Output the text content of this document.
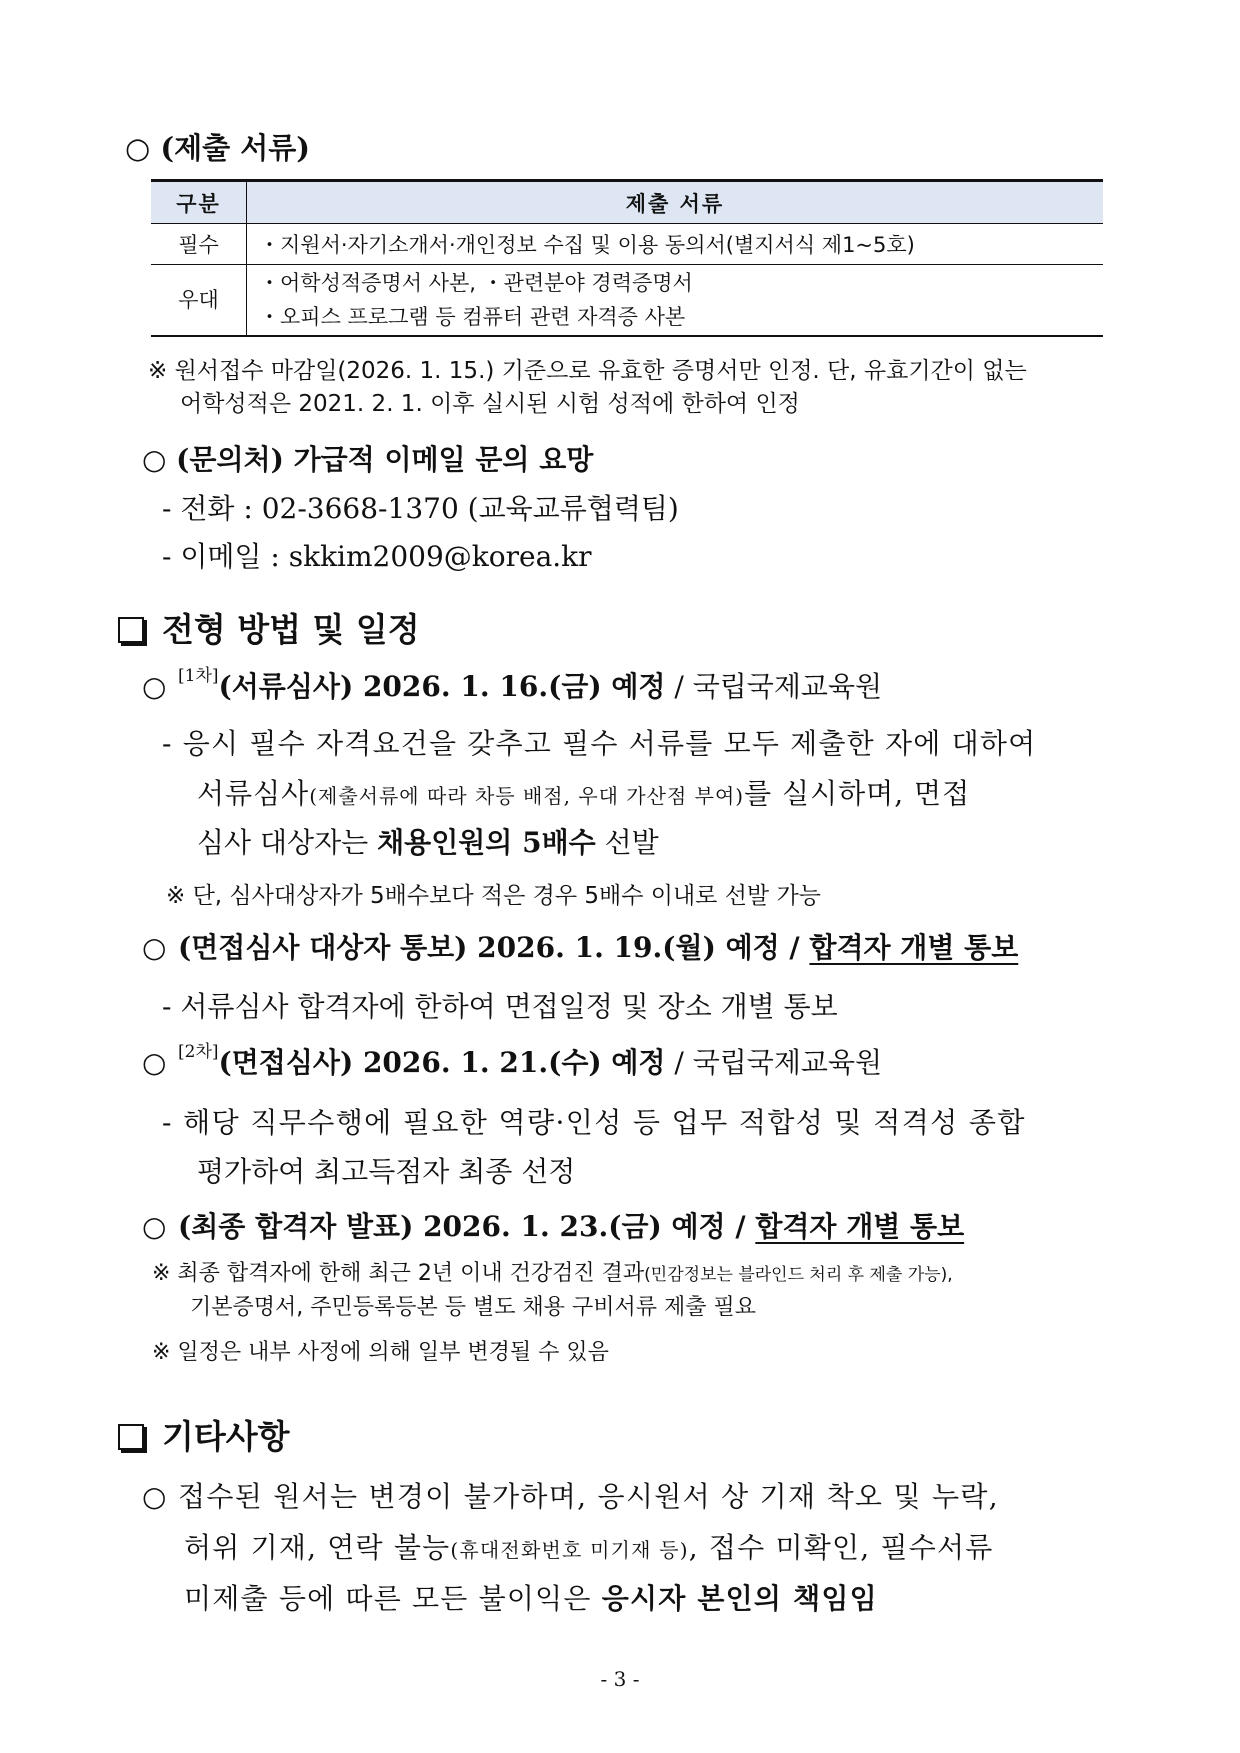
○ (제출 서류)
구분	제출 서류
필수	・지원서·자기소개서·개인정보 수집 및 이용 동의서(별지서식 제1~5호)

우대	・어학성적증명서 사본, ・관련분야 경력증명서
・오피스 프로그램 등 컴퓨터 관련 자격증 사본
※ 원서접수 마감일(2026. 1. 15.) 기준으로 유효한 증명서만 인정. 단, 유효기간이 없는
어학성적은 2021. 2. 1. 이후 실시된 시험 성적에 한하여 인정
○ (문의처) 가급적 이메일 문의 요망
- 전화 : 02-3668-1370 (교육교류협력팀)
- 이메일 : skkim2009@korea.kr
전형 방법 및 일정
○ [1차](서류심사) 2026. 1. 16.(금) 예정 / 국립국제교육원
- 응시 필수 자격요건을 갖추고 필수 서류를 모두 제출한 자에 대하여
서류심사(제출서류에 따라 차등 배점, 우대 가산점 부여)를 실시하며, 면접
심사 대상자는 채용인원의 5배수 선발
※ 단, 심사대상자가 5배수보다 적은 경우 5배수 이내로 선발 가능
○ (면접심사 대상자 통보) 2026. 1. 19.(월) 예정 / 합격자 개별 통보
- 서류심사 합격자에 한하여 면접일정 및 장소 개별 통보
○ [2차](면접심사) 2026. 1. 21.(수) 예정 / 국립국제교육원
- 해당 직무수행에 필요한 역량·인성 등 업무 적합성 및 적격성 종합
평가하여 최고득점자 최종 선정
○ (최종 합격자 발표) 2026. 1. 23.(금) 예정 / 합격자 개별 통보
※ 최종 합격자에 한해 최근 2년 이내 건강검진 결과(민감정보는 블라인드 처리 후 제출 가능),
기본증명서, 주민등록등본 등 별도 채용 구비서류 제출 필요
※ 일정은 내부 사정에 의해 일부 변경될 수 있음
기타사항
○ 접수된 원서는 변경이 불가하며, 응시원서 상 기재 착오 및 누락,
허위 기재, 연락 불능(휴대전화번호 미기재 등), 접수 미확인, 필수서류
미제출 등에 따른 모든 불이익은 응시자 본인의 책임임
- 3 -
